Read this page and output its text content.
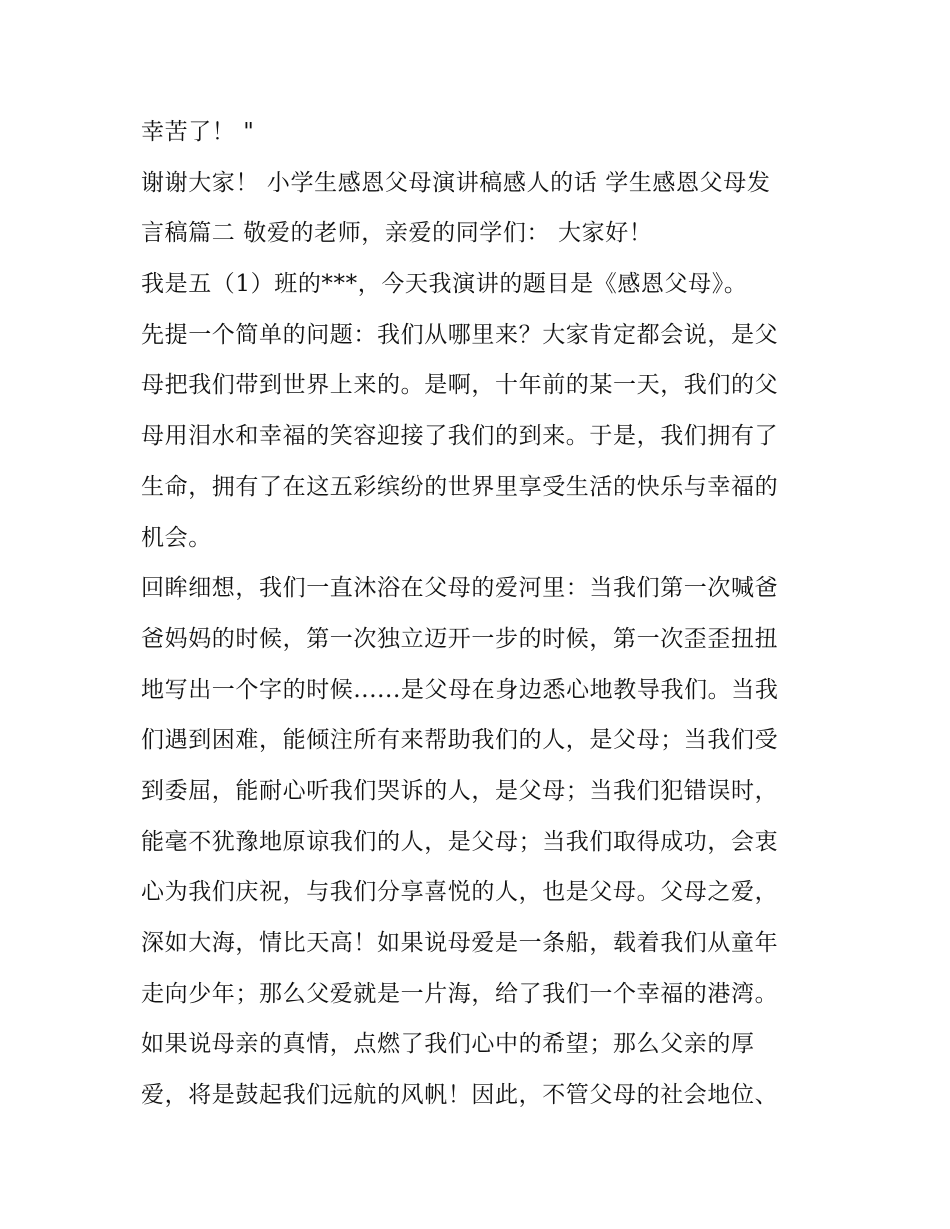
幸苦了！ "
谢谢大家！ 小学生感恩父母演讲稿感人的话 学生感恩父母发
言稿篇二 敬爱的老师，亲爱的同学们： 大家好！
我是五（1）班的***，今天我演讲的题目是《感恩父母》。
先提一个简单的问题：我们从哪里来？大家肯定都会说，是父
母把我们带到世界上来的。是啊，十年前的某一天，我们的父
母用泪水和幸福的笑容迎接了我们的到来。于是，我们拥有了
生命，拥有了在这五彩缤纷的世界里享受生活的快乐与幸福的
机会。
回眸细想，我们一直沐浴在父母的爱河里：当我们第一次喊爸
爸妈妈的时候，第一次独立迈开一步的时候，第一次歪歪扭扭
地写出一个字的时候......是父母在身边悉心地教导我们。当我
们遇到困难，能倾注所有来帮助我们的人，是父母；当我们受
到委屈，能耐心听我们哭诉的人，是父母；当我们犯错误时，
能毫不犹豫地原谅我们的人，是父母；当我们取得成功，会衷
心为我们庆祝，与我们分享喜悦的人，也是父母。父母之爱，
深如大海，情比天高！如果说母爱是一条船，载着我们从童年
走向少年；那么父爱就是一片海，给了我们一个幸福的港湾。
如果说母亲的真情，点燃了我们心中的希望；那么父亲的厚
爱，将是鼓起我们远航的风帆！因此，不管父母的社会地位、
